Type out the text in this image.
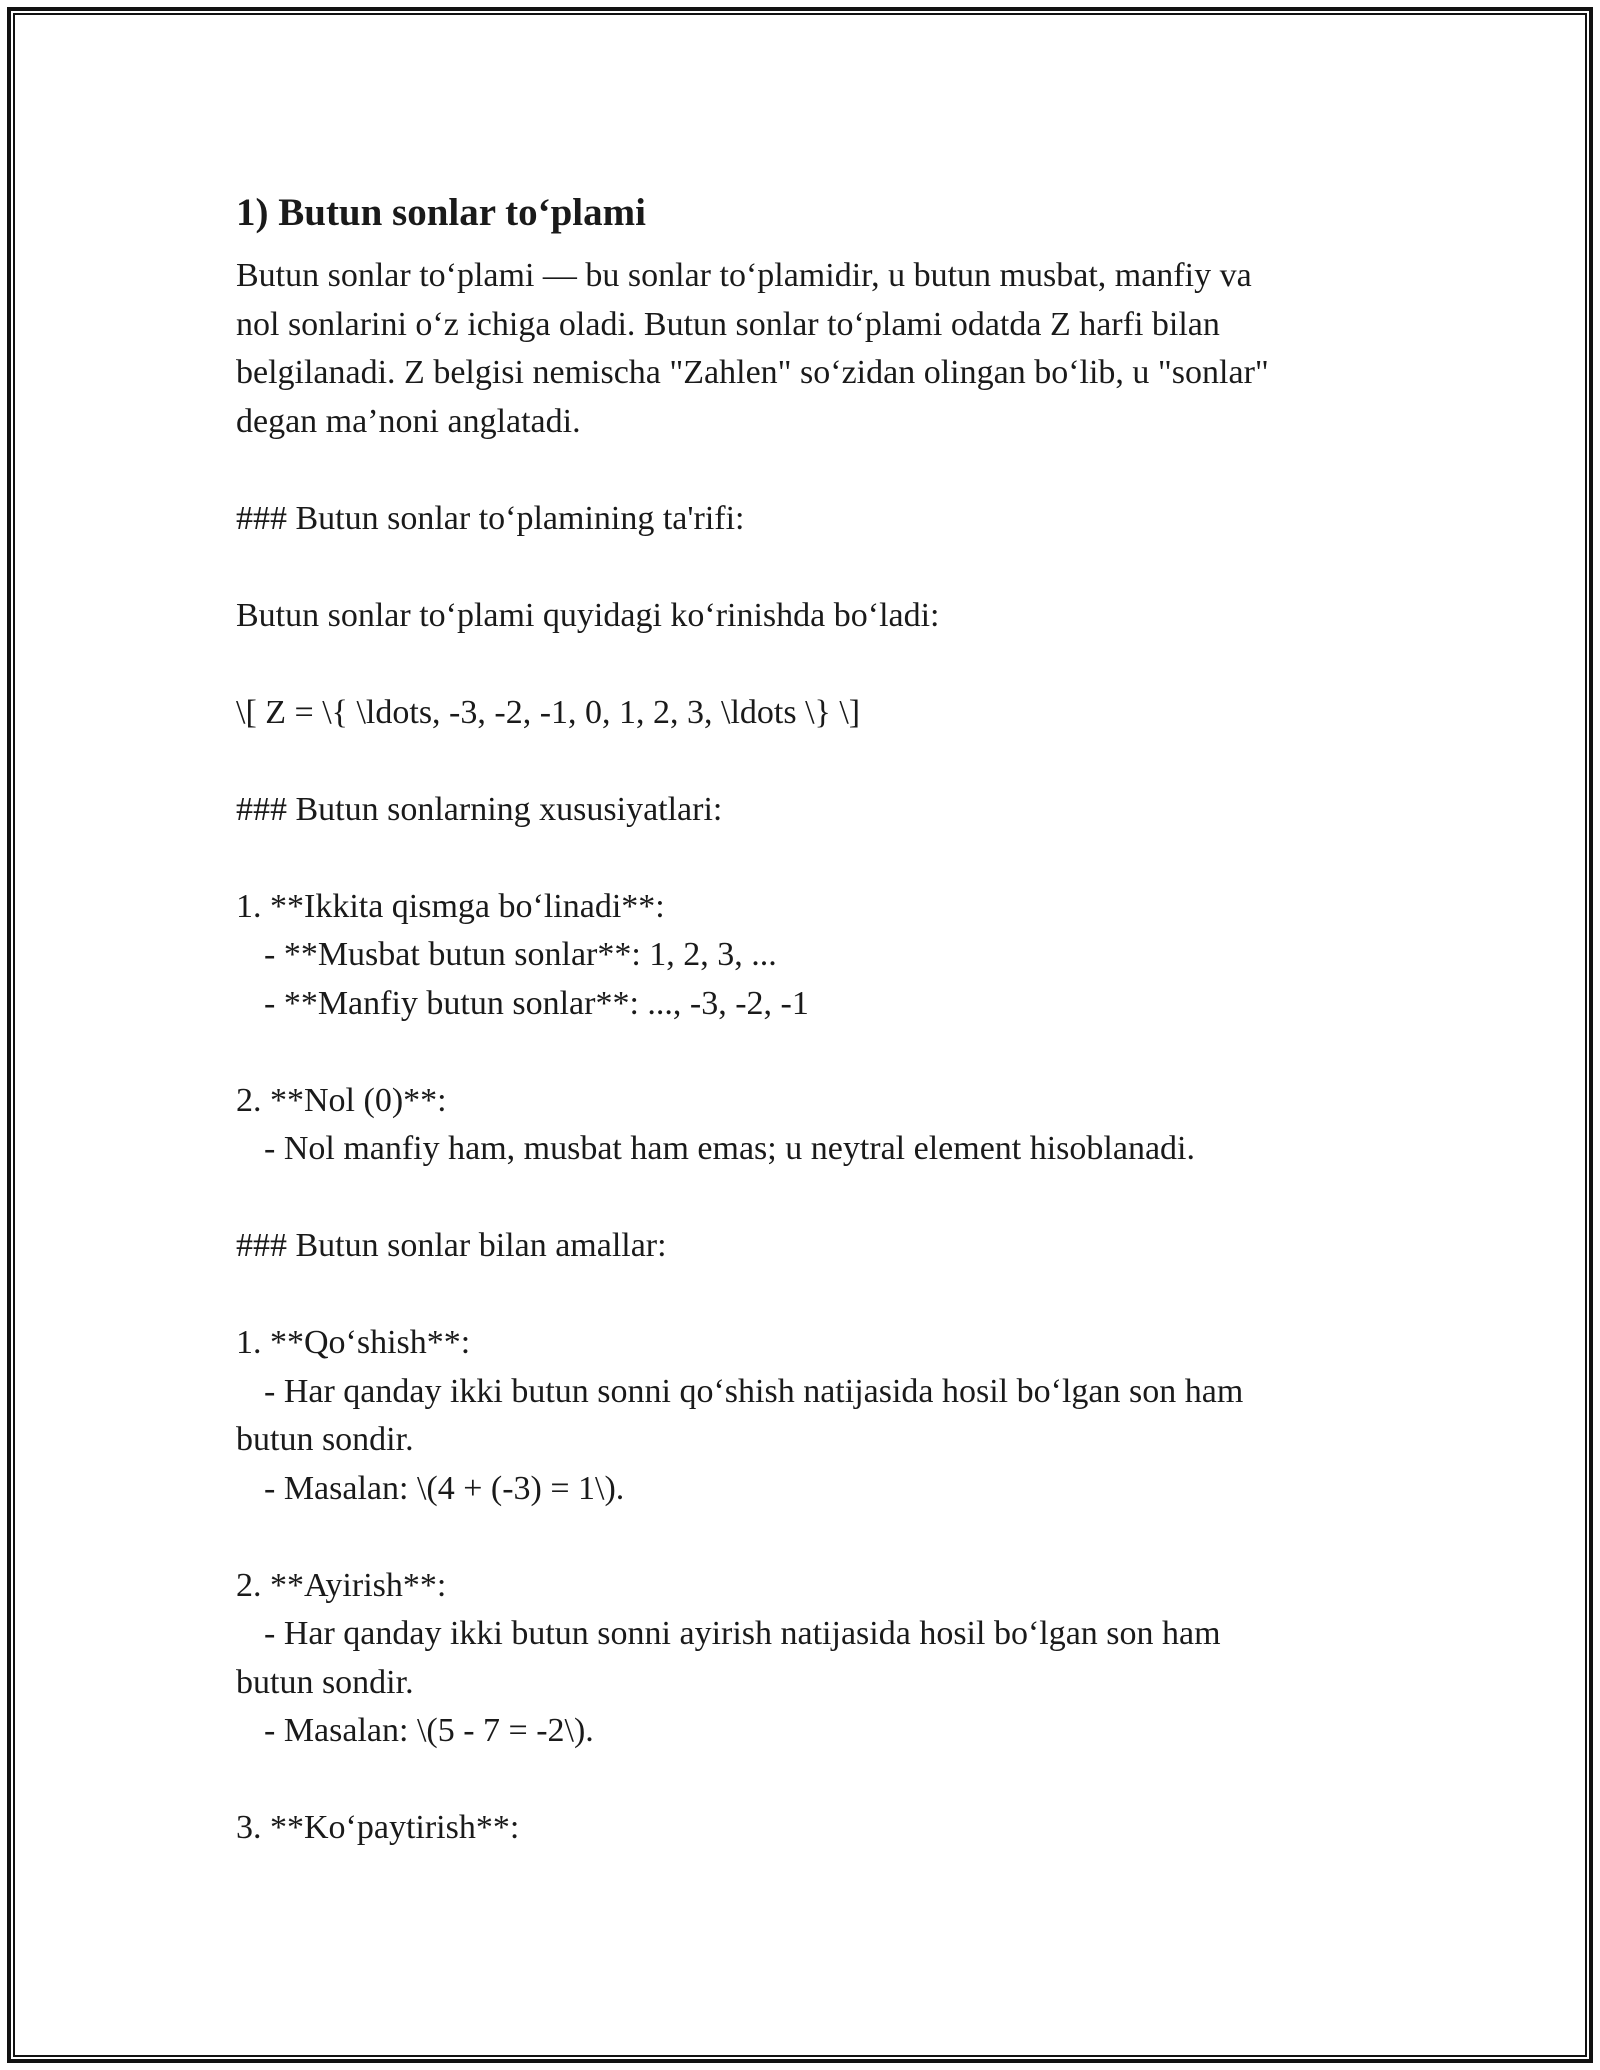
1) Butun sonlar to‘plami
Butun sonlar to‘plami — bu sonlar to‘plamidir, u butun musbat, manfiy va
nol sonlarini o‘z ichiga oladi. Butun sonlar to‘plami odatda Z harfi bilan
belgilanadi. Z belgisi nemischa "Zahlen" so‘zidan olingan bo‘lib, u "sonlar"
degan ma’noni anglatadi.
### Butun sonlar to‘plamining ta'rifi:
Butun sonlar to‘plami quyidagi ko‘rinishda bo‘ladi:
\[ Z = \{ \ldots, -3, -2, -1, 0, 1, 2, 3, \ldots \} \]
### Butun sonlarning xususiyatlari:
1. **Ikkita qismga bo‘linadi**:
- **Musbat butun sonlar**: 1, 2, 3, ...
- **Manfiy butun sonlar**: ..., -3, -2, -1
2. **Nol (0)**:
- Nol manfiy ham, musbat ham emas; u neytral element hisoblanadi.
### Butun sonlar bilan amallar:
1. **Qo‘shish**:
- Har qanday ikki butun sonni qo‘shish natijasida hosil bo‘lgan son ham
butun sondir.
- Masalan: \(4 + (-3) = 1\).
2. **Ayirish**:
- Har qanday ikki butun sonni ayirish natijasida hosil bo‘lgan son ham
butun sondir.
- Masalan: \(5 - 7 = -2\).
3. **Ko‘paytirish**:
